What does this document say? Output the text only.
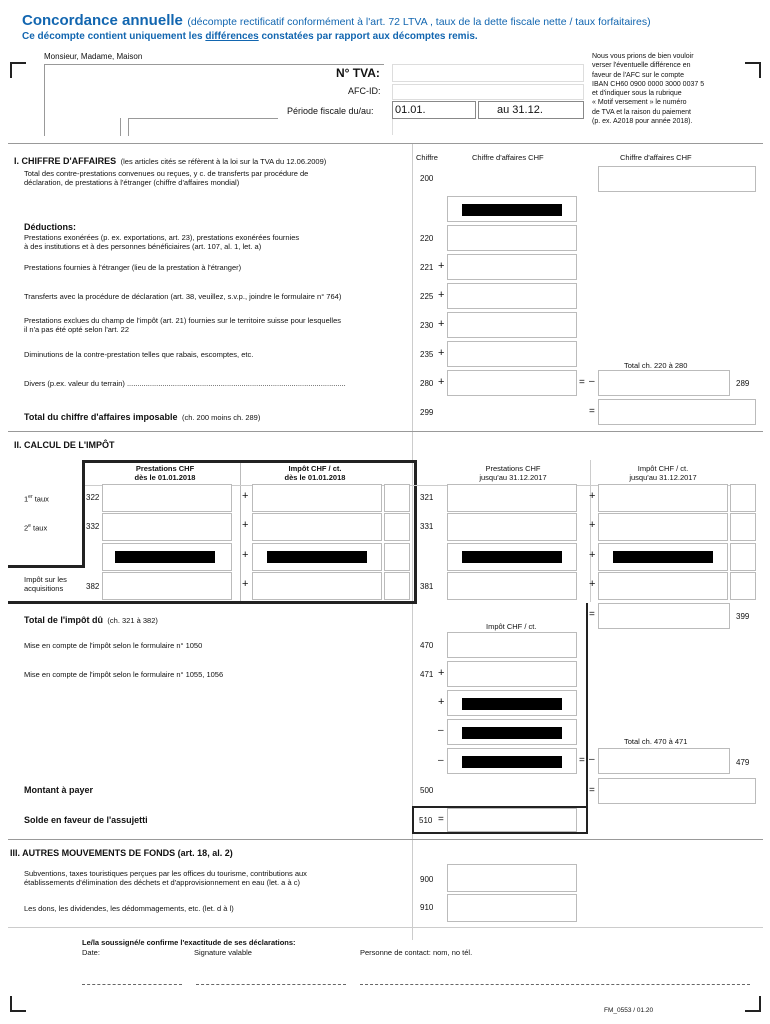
Concordance annuelle (décompte rectificatif conformément à l'art. 72 LTVA , taux de la dette fiscale nette / taux forfaitaires)
Ce décompte contient uniquement les différences constatées par rapport aux décomptes remis.
Monsieur, Madame, Maison
N° TVA:
AFC-ID:
Période fiscale du/au: 01.01.	au 31.12.
Nous vous prions de bien vouloir
verser l'éventuelle différence en
faveur de l'AFC sur le compte
IBAN CH60 0900 0000 3000 0037 5
et d'indiquer sous la rubrique
« Motif versement » le numéro
de TVA et la raison du paiement
(p. ex. A2018 pour année 2018).
I. CHIFFRE D'AFFAIRES (les articles cités se réfèrent à la loi sur la TVA du 12.06.2009)	Chiffre	Chiffre d'affaires CHF	Chiffre d'affaires CHF
Total des contre-prestations convenues ou reçues, y c. de transferts par procédure de
déclaration, de prestations à l'étranger (chiffre d'affaires mondial)	200
Déductions:
Prestations exonérées (p. ex. exportations, art. 23), prestations exonérées fournies
à des institutions et à des personnes bénéficiaires (art. 107, al. 1, let. a)
220
Prestations fournies à l'étranger (lieu de la prestation à l'étranger)	221 +
Transferts avec la procédure de déclaration (art. 38, veuillez, s.v.p., joindre le formulaire n° 764)	225 +
Prestations exclues du champ de l'impôt (art. 21) fournies sur le territoire suisse pour lesquelles
il n'a pas été opté selon l'art. 22	230 +
Diminutions de la contre-prestation telles que rabais, escomptes, etc.	235 +
Total ch. 220 à 280
Divers (p.ex. valeur du terrain) .........................................................................................................	280 +	= –	289
Total du chiffre d'affaires imposable (ch. 200 moins ch. 289)
299	=
II. CALCUL DE L'IMPÔT
Prestations CHF
dès le 01.01.2018
Impôt CHF / ct.
dès le 01.01.2018
Prestations CHF
jusqu'au 31.12.2017
Impôt CHF / ct.
jusqu'au 31.12.2017
1er taux	322	+	321	+
$2^e$ taux	332	+	331	+
+	+
Impôt sur les
acquisitions	382	+	381	+
Total de l'impôt dû (ch. 321 à 382)
=	399
Impôt CHF / ct.
Mise en compte de l'impôt selon le formulaire n° 1050	470
Mise en compte de l'impôt selon le formulaire n° 1055, 1056	471 +
+
–
Total ch. 470 à 471
–	= –	479
Montant à payer	500	=
Solde en faveur de l'assujetti	510 =
III. AUTRES MOUVEMENTS DE FONDS (art. 18, al. 2)
Subventions, taxes touristiques perçues par les offices du tourisme, contributions aux
établissements d'élimination des déchets et d'approvisionnement en eau (let. a à c)	900
Les dons, les dividendes, les dédommagements, etc. (let. d à l)	910
Le/la soussigné/e confirme l'exactitude de ses déclarations:
Date:	Signature valable	Personne de contact: nom, no tél.
FM_0553 / 01.20
